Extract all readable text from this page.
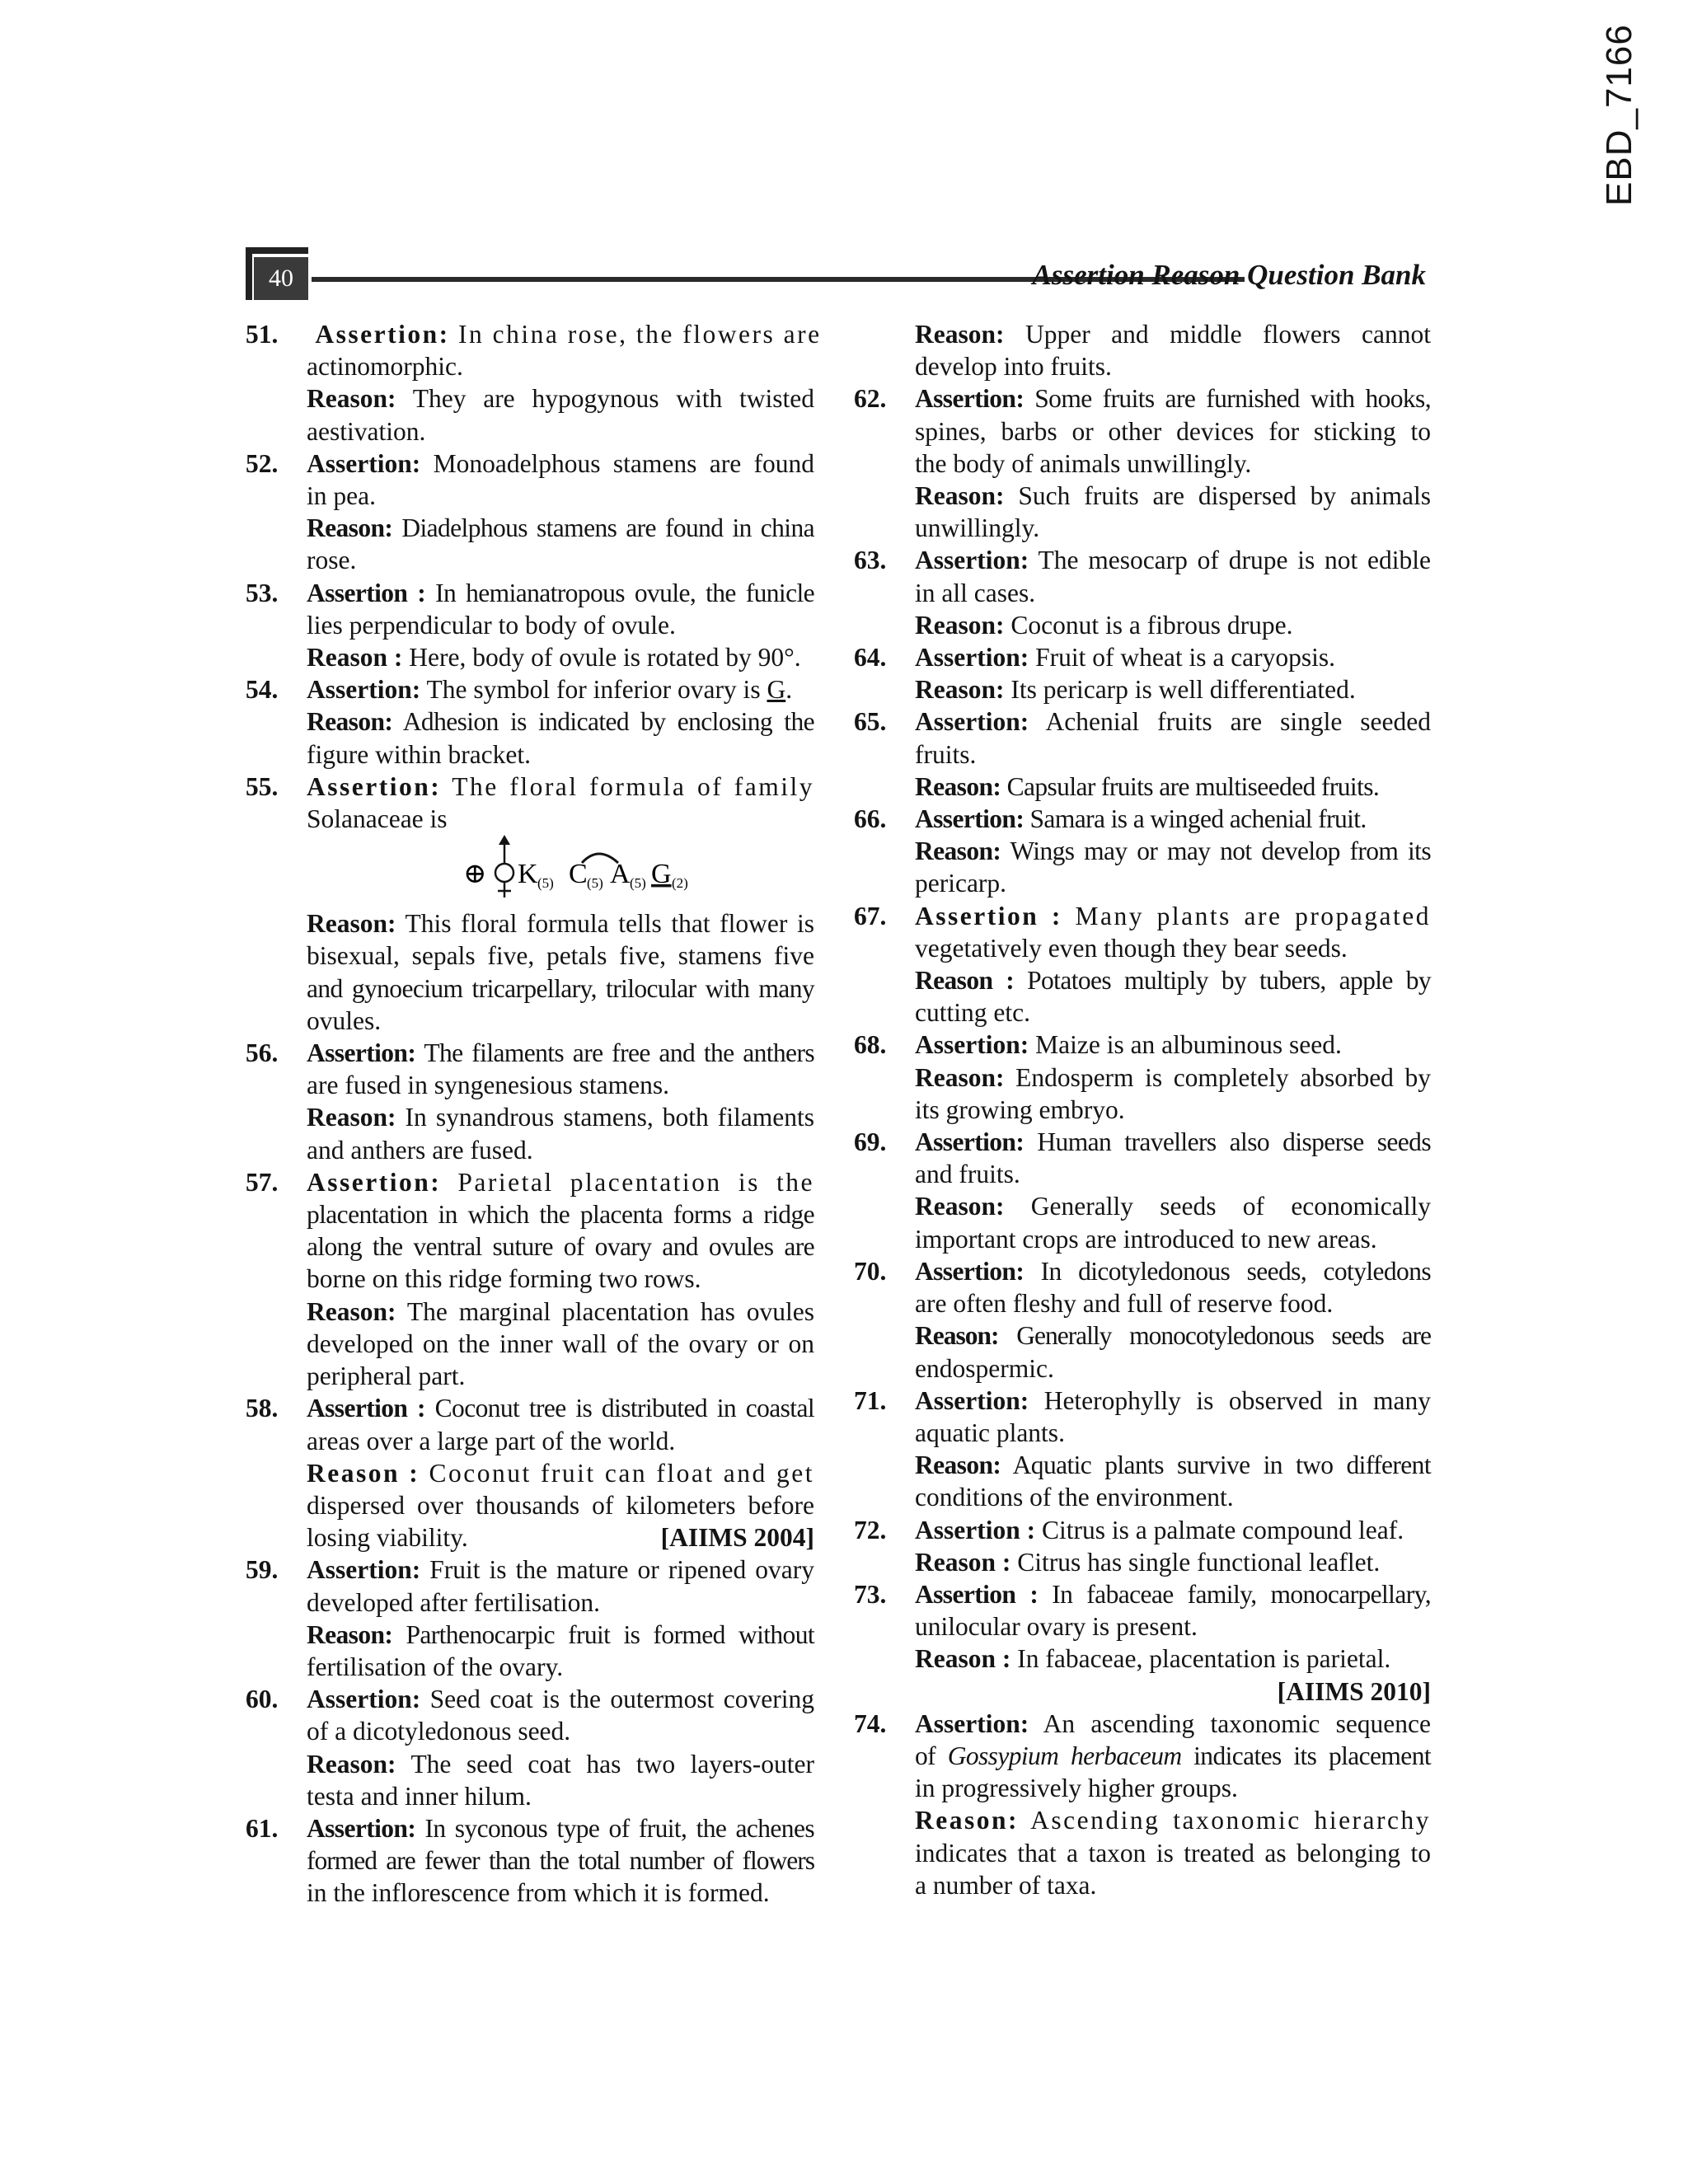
EBD_7166
40	Assertion Reason Question Bank
51.	Assertion: In china rose, the flowers are
actinomorphic.
Reason: They are hypogynous with twisted
aestivation.
52. Assertion: Monoadelphous stamens are found
in pea.
Reason: Diadelphous stamens are found in china
rose.
53. Assertion : In hemianatropous ovule, the funicle
lies perpendicular to body of ovule.
Reason : Here, body of ovule is rotated by 90°.
54. Assertion: The symbol for inferior ovary is G.
Reason: Adhesion is indicated by enclosing the
figure within bracket.
55. Assertion: The floral formula of family
Solanaceae is
⊕ K (5) C (5) A (5) G (2)
Reason: This floral formula tells that flower is
bisexual, sepals five, petals five, stamens five
and gynoecium tricarpellary, trilocular with many
ovules.
56. Assertion: The filaments are free and the anthers
are fused in syngenesious stamens.
Reason: In synandrous stamens, both filaments
and anthers are fused.
57. Assertion: Parietal placentation is the
placentation in which the placenta forms a ridge
along the ventral suture of ovary and ovules are
borne on this ridge forming two rows.
Reason: The marginal placentation has ovules
developed on the inner wall of the ovary or on
peripheral part.
58. Assertion : Coconut tree is distributed in coastal
areas over a large part of the world.
Reason : Coconut fruit can float and get
dispersed over thousands of kilometers before
losing viability.	[AIIMS 2004]
59. Assertion: Fruit is the mature or ripened ovary
developed after fertilisation.
Reason: Parthenocarpic fruit is formed without
fertilisation of the ovary.
60. Assertion: Seed coat is the outermost covering
of a dicotyledonous seed.
Reason: The seed coat has two layers-outer
testa and inner hilum.
61. Assertion: In syconous type of fruit, the achenes
formed are fewer than the total number of flowers
in the inflorescence from which it is formed.
Reason: Upper and middle flowers cannot
develop into fruits.
62. Assertion: Some fruits are furnished with hooks,
spines, barbs or other devices for sticking to
the body of animals unwillingly.
Reason: Such fruits are dispersed by animals
unwillingly.
63. Assertion: The mesocarp of drupe is not edible
in all cases.
Reason: Coconut is a fibrous drupe.
64. Assertion: Fruit of wheat is a caryopsis.
Reason: Its pericarp is well differentiated.
65. Assertion: Achenial fruits are single seeded
fruits.
Reason: Capsular fruits are multiseeded fruits.
66. Assertion: Samara is a winged achenial fruit.
Reason: Wings may or may not develop from its
pericarp.
67. Assertion : Many plants are propagated
vegetatively even though they bear seeds.
Reason : Potatoes multiply by tubers, apple by
cutting etc.
68. Assertion: Maize is an albuminous seed.
Reason: Endosperm is completely absorbed by
its growing embryo.
69. Assertion: Human travellers also disperse seeds
and fruits.
Reason: Generally seeds of economically
important crops are introduced to new areas.
70. Assertion: In dicotyledonous seeds, cotyledons
are often fleshy and full of reserve food.
Reason: Generally monocotyledonous seeds are
endospermic.
71. Assertion: Heterophylly is observed in many
aquatic plants.
Reason: Aquatic plants survive in two different
conditions of the environment.
72. Assertion : Citrus is a palmate compound leaf.
Reason : Citrus has single functional leaflet.
73. Assertion : In fabaceae family, monocarpellary,
unilocular ovary is present.
Reason : In fabaceae, placentation is parietal.
[AIIMS 2010]
74. Assertion: An ascending taxonomic sequence
of Gossypium herbaceum indicates its placement
in progressively higher groups.
Reason: Ascending taxonomic hierarchy
indicates that a taxon is treated as belonging to
a number of taxa.
